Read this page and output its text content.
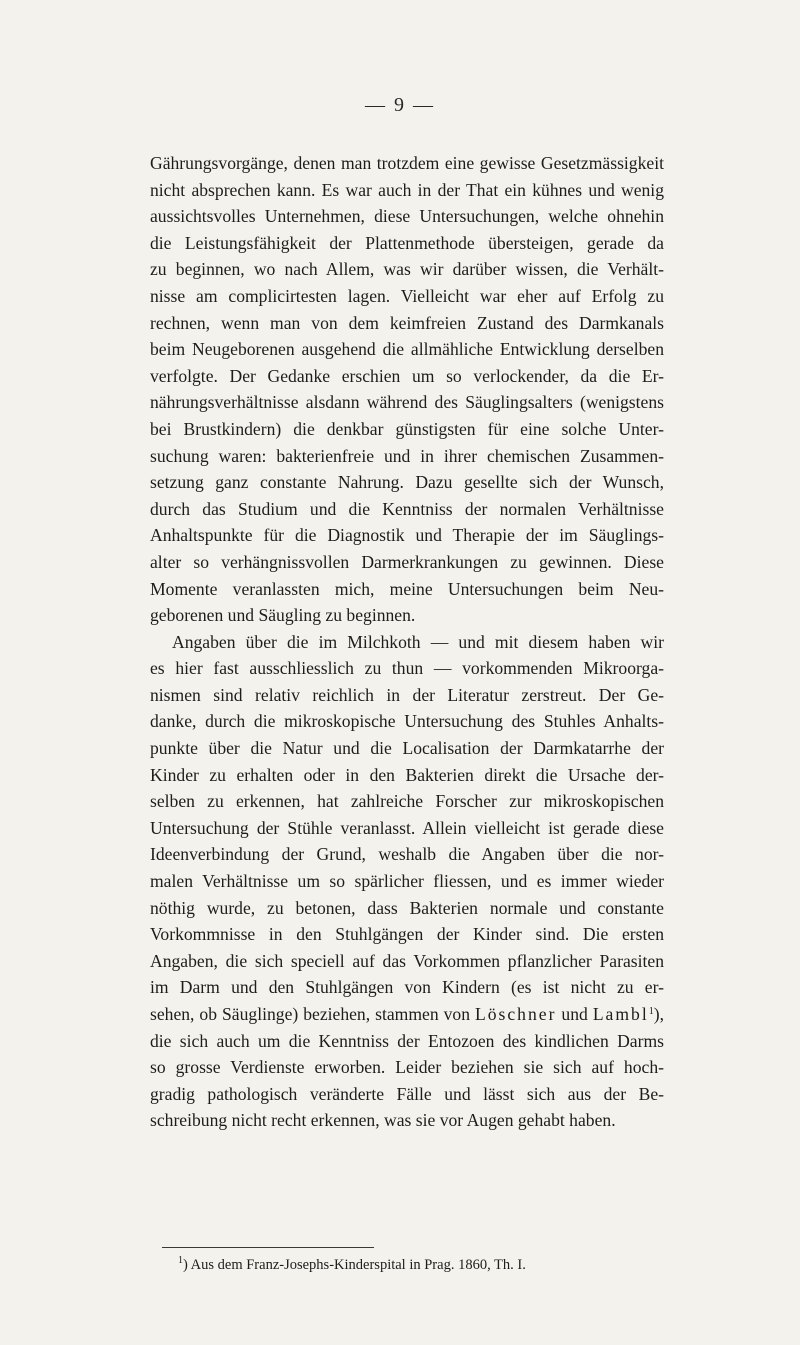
— 9 —
Gährungsvorgänge, denen man trotzdem eine gewisse Gesetzmässigkeit
nicht absprechen kann. Es war auch in der That ein kühnes und wenig
aussichtsvolles Unternehmen, diese Untersuchungen, welche ohnehin
die Leistungsfähigkeit der Plattenmethode übersteigen, gerade da
zu beginnen, wo nach Allem, was wir darüber wissen, die Verhält-
nisse am complicirtesten lagen. Vielleicht war eher auf Erfolg zu
rechnen, wenn man von dem keimfreien Zustand des Darmkanals
beim Neugeborenen ausgehend die allmähliche Entwicklung derselben
verfolgte. Der Gedanke erschien um so verlockender, da die Er-
nährungsverhältnisse alsdann während des Säuglingsalters (wenigstens
bei Brustkindern) die denkbar günstigsten für eine solche Unter-
suchung waren: bakterienfreie und in ihrer chemischen Zusammen-
setzung ganz constante Nahrung. Dazu gesellte sich der Wunsch,
durch das Studium und die Kenntniss der normalen Verhältnisse
Anhaltspunkte für die Diagnostik und Therapie der im Säuglings-
alter so verhängnissvollen Darmerkrankungen zu gewinnen. Diese
Momente veranlassten mich, meine Untersuchungen beim Neu-
geborenen und Säugling zu beginnen.
Angaben über die im Milchkoth — und mit diesem haben wir
es hier fast ausschliesslich zu thun — vorkommenden Mikroorga-
nismen sind relativ reichlich in der Literatur zerstreut. Der Ge-
danke, durch die mikroskopische Untersuchung des Stuhles Anhalts-
punkte über die Natur und die Localisation der Darmkatarrhe der
Kinder zu erhalten oder in den Bakterien direkt die Ursache der-
selben zu erkennen, hat zahlreiche Forscher zur mikroskopischen
Untersuchung der Stühle veranlasst. Allein vielleicht ist gerade diese
Ideenverbindung der Grund, weshalb die Angaben über die nor-
malen Verhältnisse um so spärlicher fliessen, und es immer wieder
nöthig wurde, zu betonen, dass Bakterien normale und constante
Vorkommnisse in den Stuhlgängen der Kinder sind. Die ersten
Angaben, die sich speciell auf das Vorkommen pflanzlicher Parasiten
im Darm und den Stuhlgängen von Kindern (es ist nicht zu er-
sehen, ob Säuglinge) beziehen, stammen von Löschner und Lambl$^1$),
die sich auch um die Kenntniss der Entozoen des kindlichen Darms
so grosse Verdienste erworben. Leider beziehen sie sich auf hoch-
gradig pathologisch veränderte Fälle und lässt sich aus der Be-
schreibung nicht recht erkennen, was sie vor Augen gehabt haben.
$^1$) Aus dem Franz-Josephs-Kinderspital in Prag. 1860, Th. I.
